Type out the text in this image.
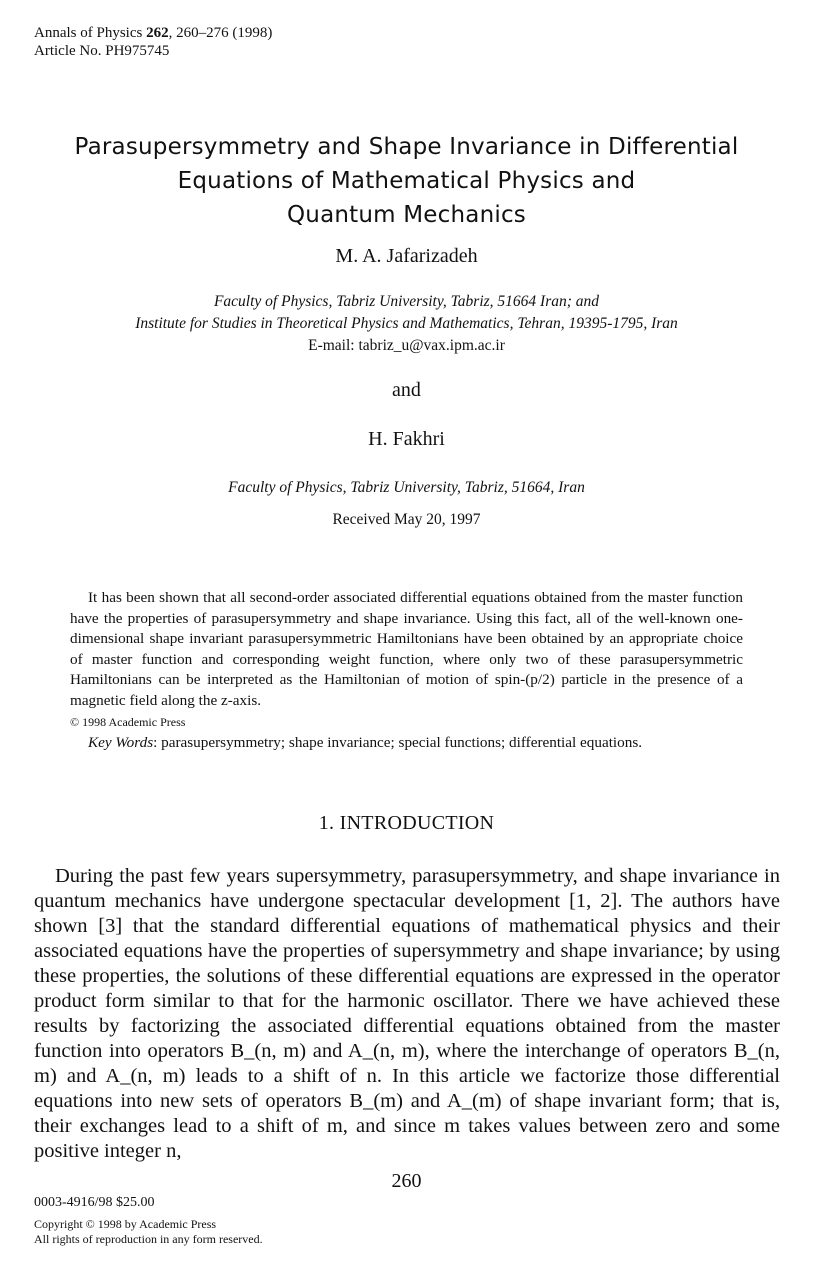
Annals of Physics 262, 260–276 (1998)
Article No. PH975745
Parasupersymmetry and Shape Invariance in Differential
Equations of Mathematical Physics and
Quantum Mechanics
M. A. Jafarizadeh
Faculty of Physics, Tabriz University, Tabriz, 51664 Iran; and
Institute for Studies in Theoretical Physics and Mathematics, Tehran, 19395-1795, Iran
E-mail: tabriz_u@vax.ipm.ac.ir
and
H. Fakhri
Faculty of Physics, Tabriz University, Tabriz, 51664, Iran
Received May 20, 1997

It has been shown that all second-order associated differential equations obtained from the master function have the properties of parasupersymmetry and shape invariance. Using this fact, all of the well-known one-dimensional shape invariant parasupersymmetric Hamiltonians have been obtained by an appropriate choice of master function and corresponding weight function, where only two of these parasupersymmetric Hamiltonians can be interpreted as the Hamiltonian of motion of spin-(p/2) particle in the presence of a magnetic field along the z-axis.

© 1998 Academic Press

Key Words: parasupersymmetry; shape invariance; special functions; differential equations.

1. INTRODUCTION

During the past few years supersymmetry, parasupersymmetry, and shape invariance in quantum mechanics have undergone spectacular development [1, 2]. The authors have shown [3] that the standard differential equations of mathematical physics and their associated equations have the properties of supersymmetry and shape invariance; by using these properties, the solutions of these differential equations are expressed in the operator product form similar to that for the harmonic oscillator. There we have achieved these results by factorizing the associated differential equations obtained from the master function into operators B_(n, m) and A_(n, m), where the interchange of operators B_(n, m) and A_(n, m) leads to a shift of n. In this article we factorize those differential equations into new sets of operators B_(m) and A_(m) of shape invariant form; that is, their exchanges lead to a shift of m, and since m takes values between zero and some positive integer n,

260
0003-4916/98 $25.00
Copyright © 1998 by Academic Press
All rights of reproduction in any form reserved.
